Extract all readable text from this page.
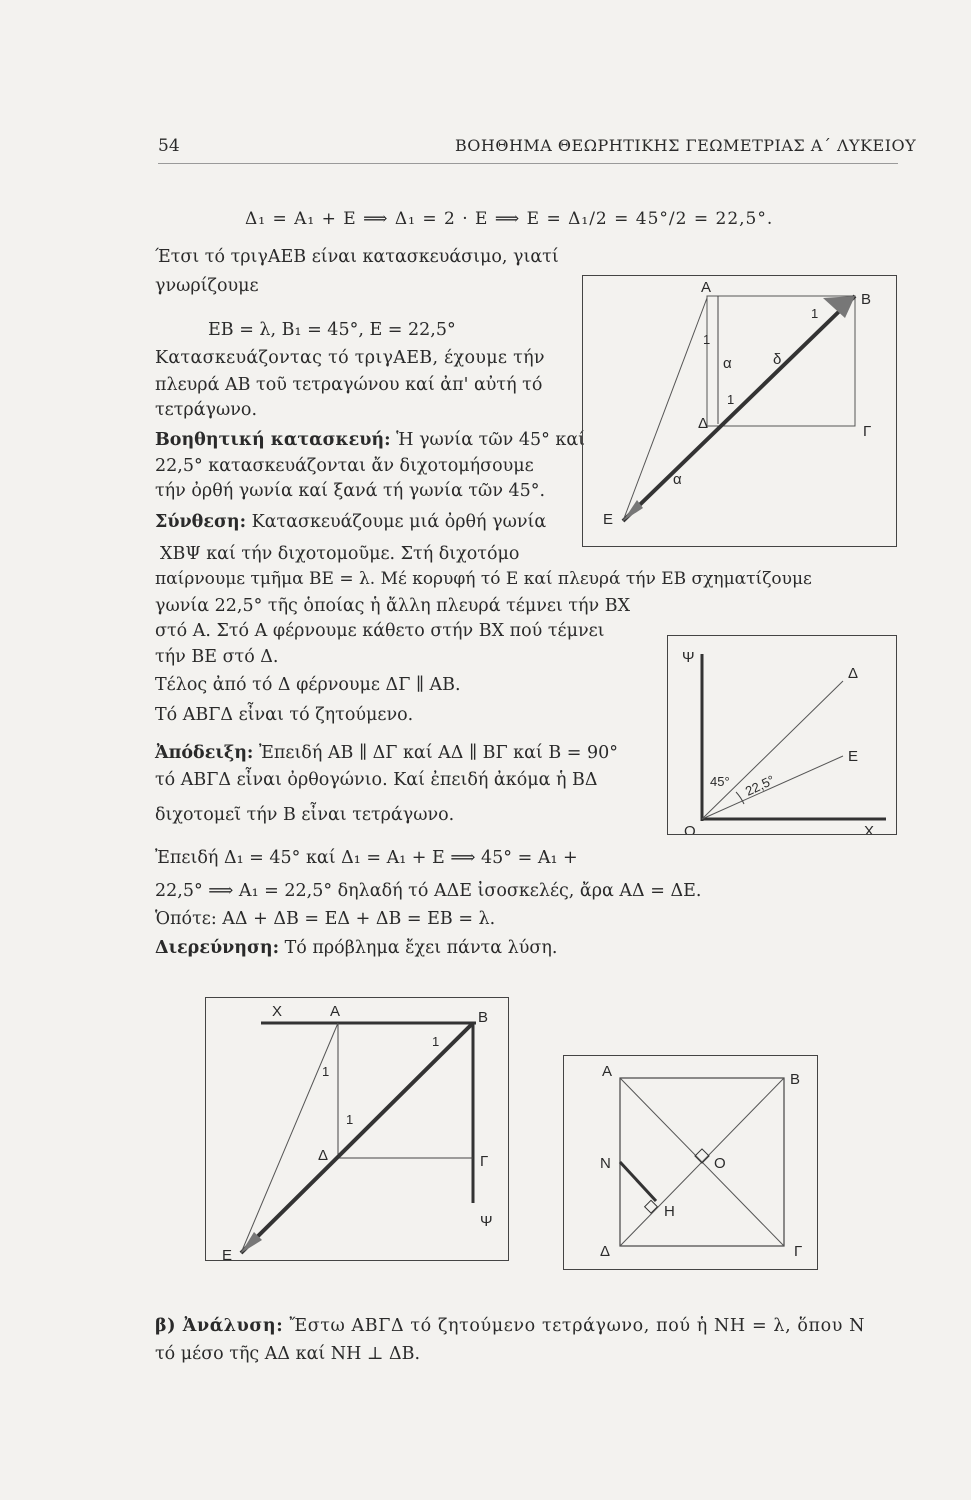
54	ΒΟΗΘΗΜΑ ΘΕΩΡΗΤΙΚΗΣ ΓΕΩΜΕΤΡΙΑΣ Α΄ ΛΥΚΕΙΟΥ
Δ₁ = Α₁ + Ε ⟹ Δ₁ = 2 · Ε ⟹ Ε = Δ₁/2 = 45°/2 = 22,5°.
Έτσι τό τριγΑΕΒ είναι κατασκευάσιμο, γιατί
γνωρίζουμε
ΕΒ = λ, Β₁ = 45°, Ε = 22,5°
Κατασκευάζοντας τό τριγΑΕΒ, έχουμε τήν
πλευρά ΑΒ τοῦ τετραγώνου καί ἀπ' αὐτή τό
τετράγωνο.
Βοηθητική κατασκευή: Ἡ γωνία τῶν 45° καί
22,5° κατασκευάζονται ἄν διχοτομήσουμε
τήν ὀρθή γωνία καί ξανά τή γωνία τῶν 45°.
Σύνθεση: Κατασκευάζουμε μιά ὀρθή γωνία
ΧΒΨ καί τήν διχοτομοῦμε. Στή διχοτόμο
παίρνουμε τμῆμα ΒΕ = λ. Μέ κορυφή τό Ε καί πλευρά τήν ΕΒ σχηματίζουμε
γωνία 22,5° τῆς ὁποίας ἡ ἄλλη πλευρά τέμνει τήν ΒΧ
στό Α. Στό Α φέρνουμε κάθετο στήν ΒΧ πού τέμνει
τήν ΒΕ στό Δ.
Τέλος ἀπό τό Δ φέρνουμε ΔΓ ∥ ΑΒ.
Τό ΑΒΓΔ εἶναι τό ζητούμενο.
Ἀπόδειξη: Ἐπειδή ΑΒ ∥ ΔΓ καί ΑΔ ∥ ΒΓ καί Β = 90°
τό ΑΒΓΔ εἶναι ὀρθογώνιο. Καί ἐπειδή ἀκόμα ἡ ΒΔ
διχοτομεῖ τήν Β εἶναι τετράγωνο.
Ἐπειδή Δ₁ = 45° καί Δ₁ = Α₁ + Ε ⟹ 45° = Α₁ +
22,5° ⟹ Α₁ = 22,5° δηλαδή τό ΑΔΕ ἰσοσκελές, ἄρα ΑΔ = ΔΕ.
Ὁπότε: ΑΔ + ΔΒ = ΕΔ + ΔΒ = ΕΒ = λ.
Διερεύνηση: Τό πρόβλημα ἔχει πάντα λύση.
β) Ἀνάλυση: Ἔστω ΑΒΓΔ τό ζητούμενο τετράγωνο, πού ἡ ΝΗ = λ, ὅπου Ν
τό μέσο τῆς ΑΔ καί ΝΗ ⊥ ΔΒ.
Α
Β
Γ
Δ
Ε
1
1
1
α	δ
α
Ψ
Δ
Ε
Ο	Χ
45° 22,5°
Χ	Α	Β
1
1
1
Δ	Γ
Ψ
Ε
Α	Β
Ν	Ο
Η
Δ	Γ
